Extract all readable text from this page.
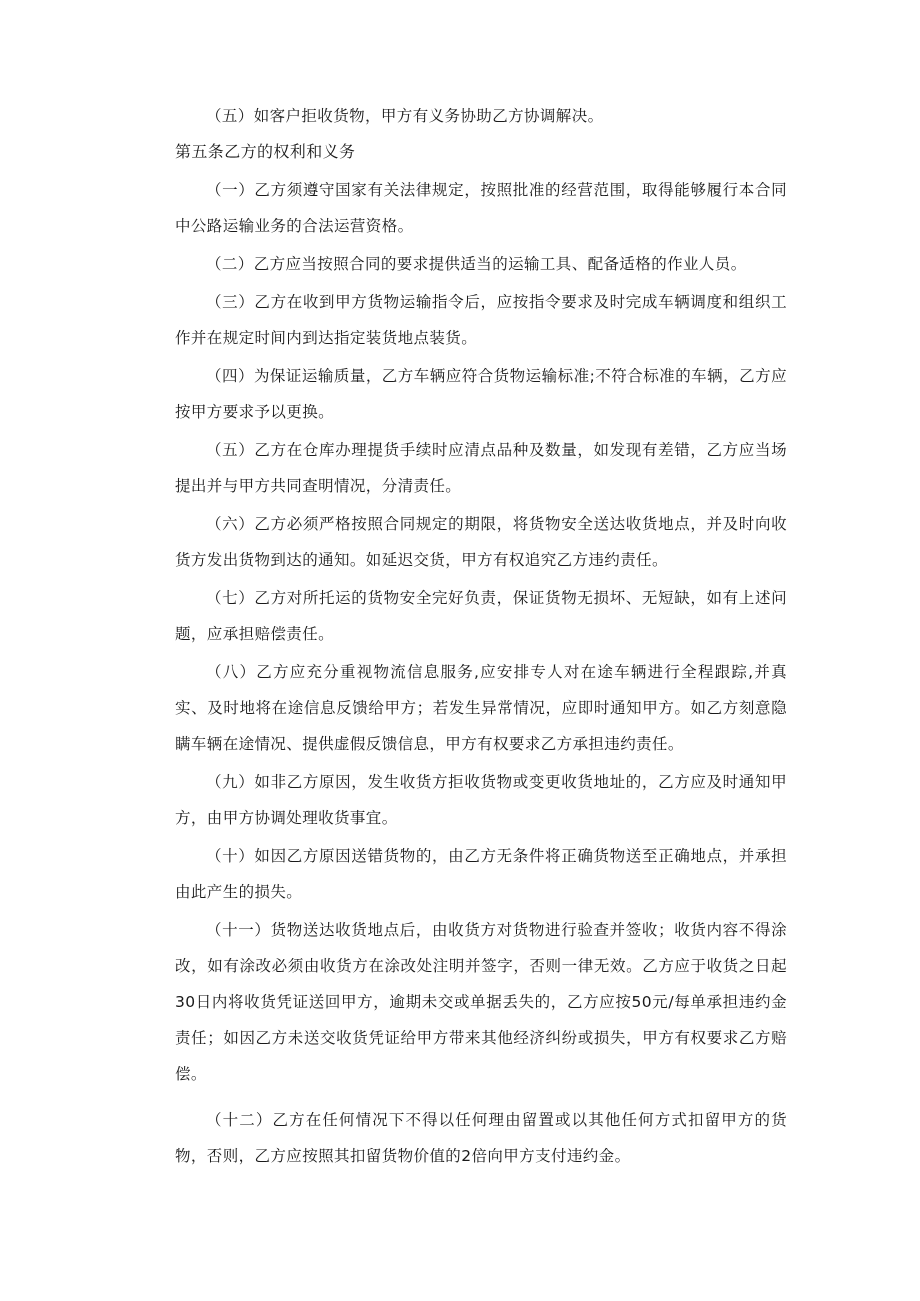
（五）如客户拒收货物，甲方有义务协助乙方协调解决。

第五条乙方的权利和义务

（一）乙方须遵守国家有关法律规定，按照批准的经营范围，取得能够履行本合同中公路运输业务的合法运营资格。

（二）乙方应当按照合同的要求提供适当的运输工具、配备适格的作业人员。

（三）乙方在收到甲方货物运输指令后，应按指令要求及时完成车辆调度和组织工作并在规定时间内到达指定装货地点装货。

（四）为保证运输质量，乙方车辆应符合货物运输标准;不符合标准的车辆，乙方应按甲方要求予以更换。

（五）乙方在仓库办理提货手续时应清点品种及数量，如发现有差错，乙方应当场提出并与甲方共同查明情况，分清责任。

（六）乙方必须严格按照合同规定的期限，将货物安全送达收货地点，并及时向收货方发出货物到达的通知。如延迟交货，甲方有权追究乙方违约责任。

（七）乙方对所托运的货物安全完好负责，保证货物无损坏、无短缺，如有上述问题，应承担赔偿责任。

（八）乙方应充分重视物流信息服务,应安排专人对在途车辆进行全程跟踪,并真实、及时地将在途信息反馈给甲方；若发生异常情况，应即时通知甲方。如乙方刻意隐瞒车辆在途情况、提供虚假反馈信息，甲方有权要求乙方承担违约责任。

（九）如非乙方原因，发生收货方拒收货物或变更收货地址的，乙方应及时通知甲方，由甲方协调处理收货事宜。

（十）如因乙方原因送错货物的，由乙方无条件将正确货物送至正确地点，并承担由此产生的损失。

（十一）货物送达收货地点后，由收货方对货物进行验查并签收；收货内容不得涂改，如有涂改必须由收货方在涂改处注明并签字，否则一律无效。乙方应于收货之日起30日内将收货凭证送回甲方，逾期未交或单据丢失的，乙方应按50元/每单承担违约金责任；如因乙方未送交收货凭证给甲方带来其他经济纠纷或损失，甲方有权要求乙方赔偿。

（十二）乙方在任何情况下不得以任何理由留置或以其他任何方式扣留甲方的货物，否则，乙方应按照其扣留货物价值的2倍向甲方支付违约金。
